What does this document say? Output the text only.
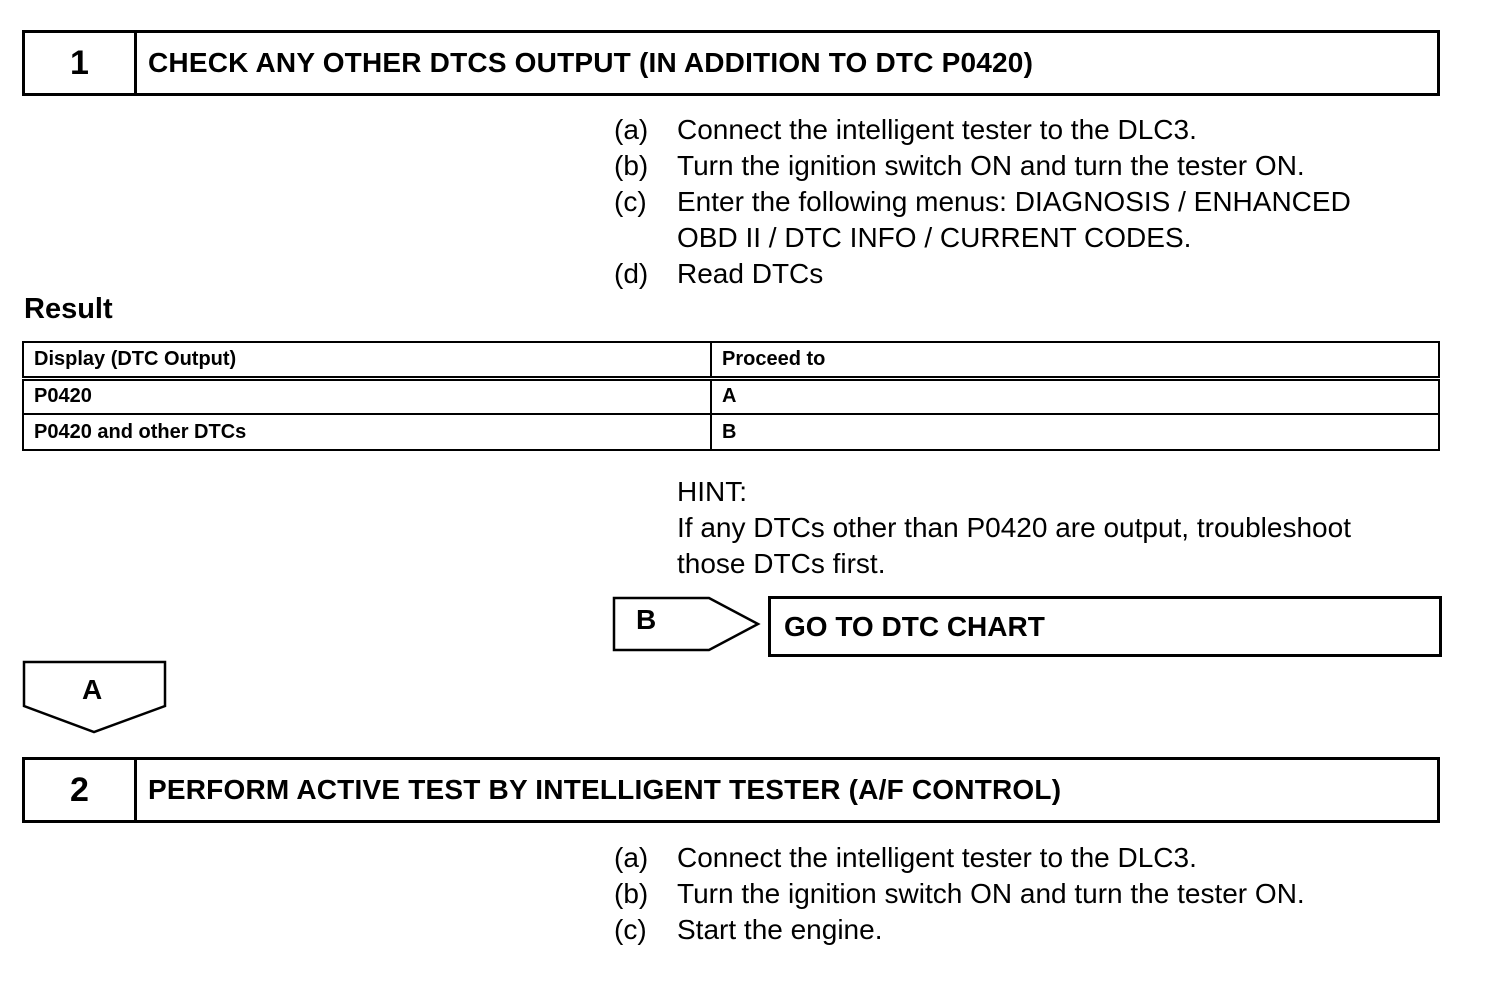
1	CHECK ANY OTHER DTCS OUTPUT (IN ADDITION TO DTC P0420)
(a)	Connect the intelligent tester to the DLC3.
(b)	Turn the ignition switch ON and turn the tester ON.
(c)	Enter the following menus: DIAGNOSIS / ENHANCED
OBD II / DTC INFO / CURRENT CODES.
(d)	Read DTCs
Result
Display (DTC Output)	Proceed to
P0420	A
P0420 and other DTCs	B
HINT:
If any DTCs other than P0420 are output, troubleshoot
those DTCs first.
B	GO TO DTC CHART
A
2	PERFORM ACTIVE TEST BY INTELLIGENT TESTER (A/F CONTROL)
(a)	Connect the intelligent tester to the DLC3.
(b)	Turn the ignition switch ON and turn the tester ON.
(c)	Start the engine.
